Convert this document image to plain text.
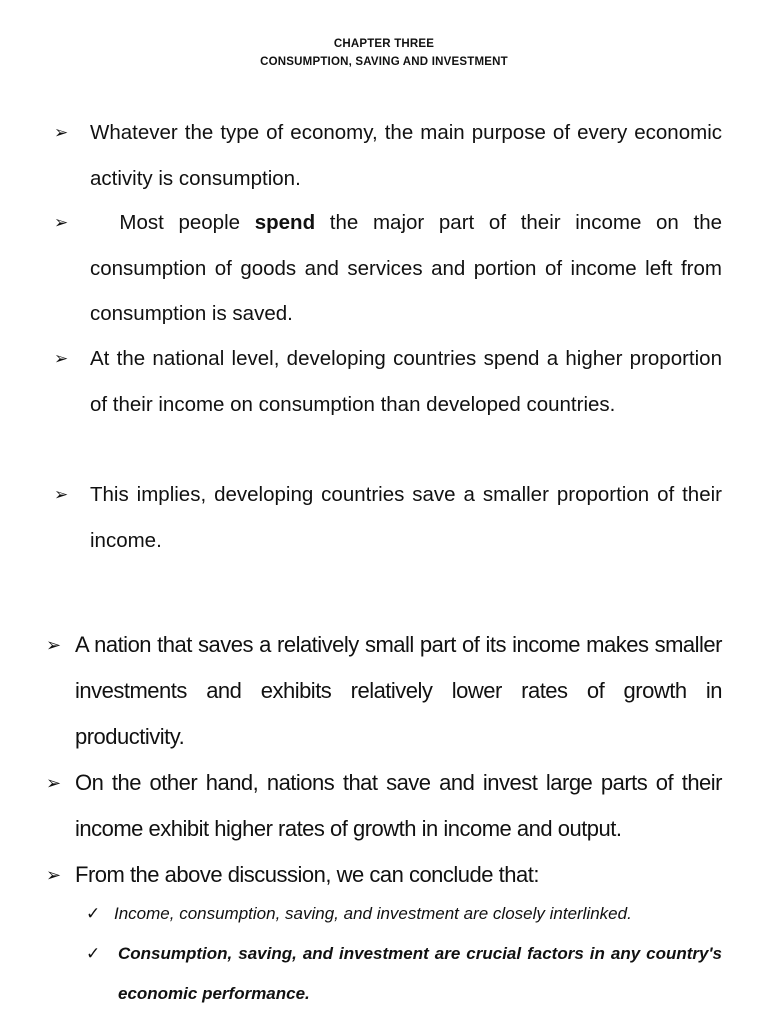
CHAPTER THREE
CONSUMPTION, SAVING AND INVESTMENT
➢ Whatever the type of economy, the main purpose of every economic activity is consumption.
➢	Most people spend the major part of their income on the consumption of goods and services and portion of income left from consumption is saved.
➢ At the national level, developing countries spend a higher proportion of their income on consumption than developed countries.
➢ This implies, developing countries save a smaller proportion of their income.
➢ A nation that saves a relatively small part of its income makes smaller investments and exhibits relatively lower rates of growth in productivity.
➢ On the other hand, nations that save and invest large parts of their income exhibit higher rates of growth in income and output.
➢ From the above discussion, we can conclude that:
✓ Income, consumption, saving, and investment are closely interlinked.
✓ Consumption, saving, and investment are crucial factors in any country's economic performance.
